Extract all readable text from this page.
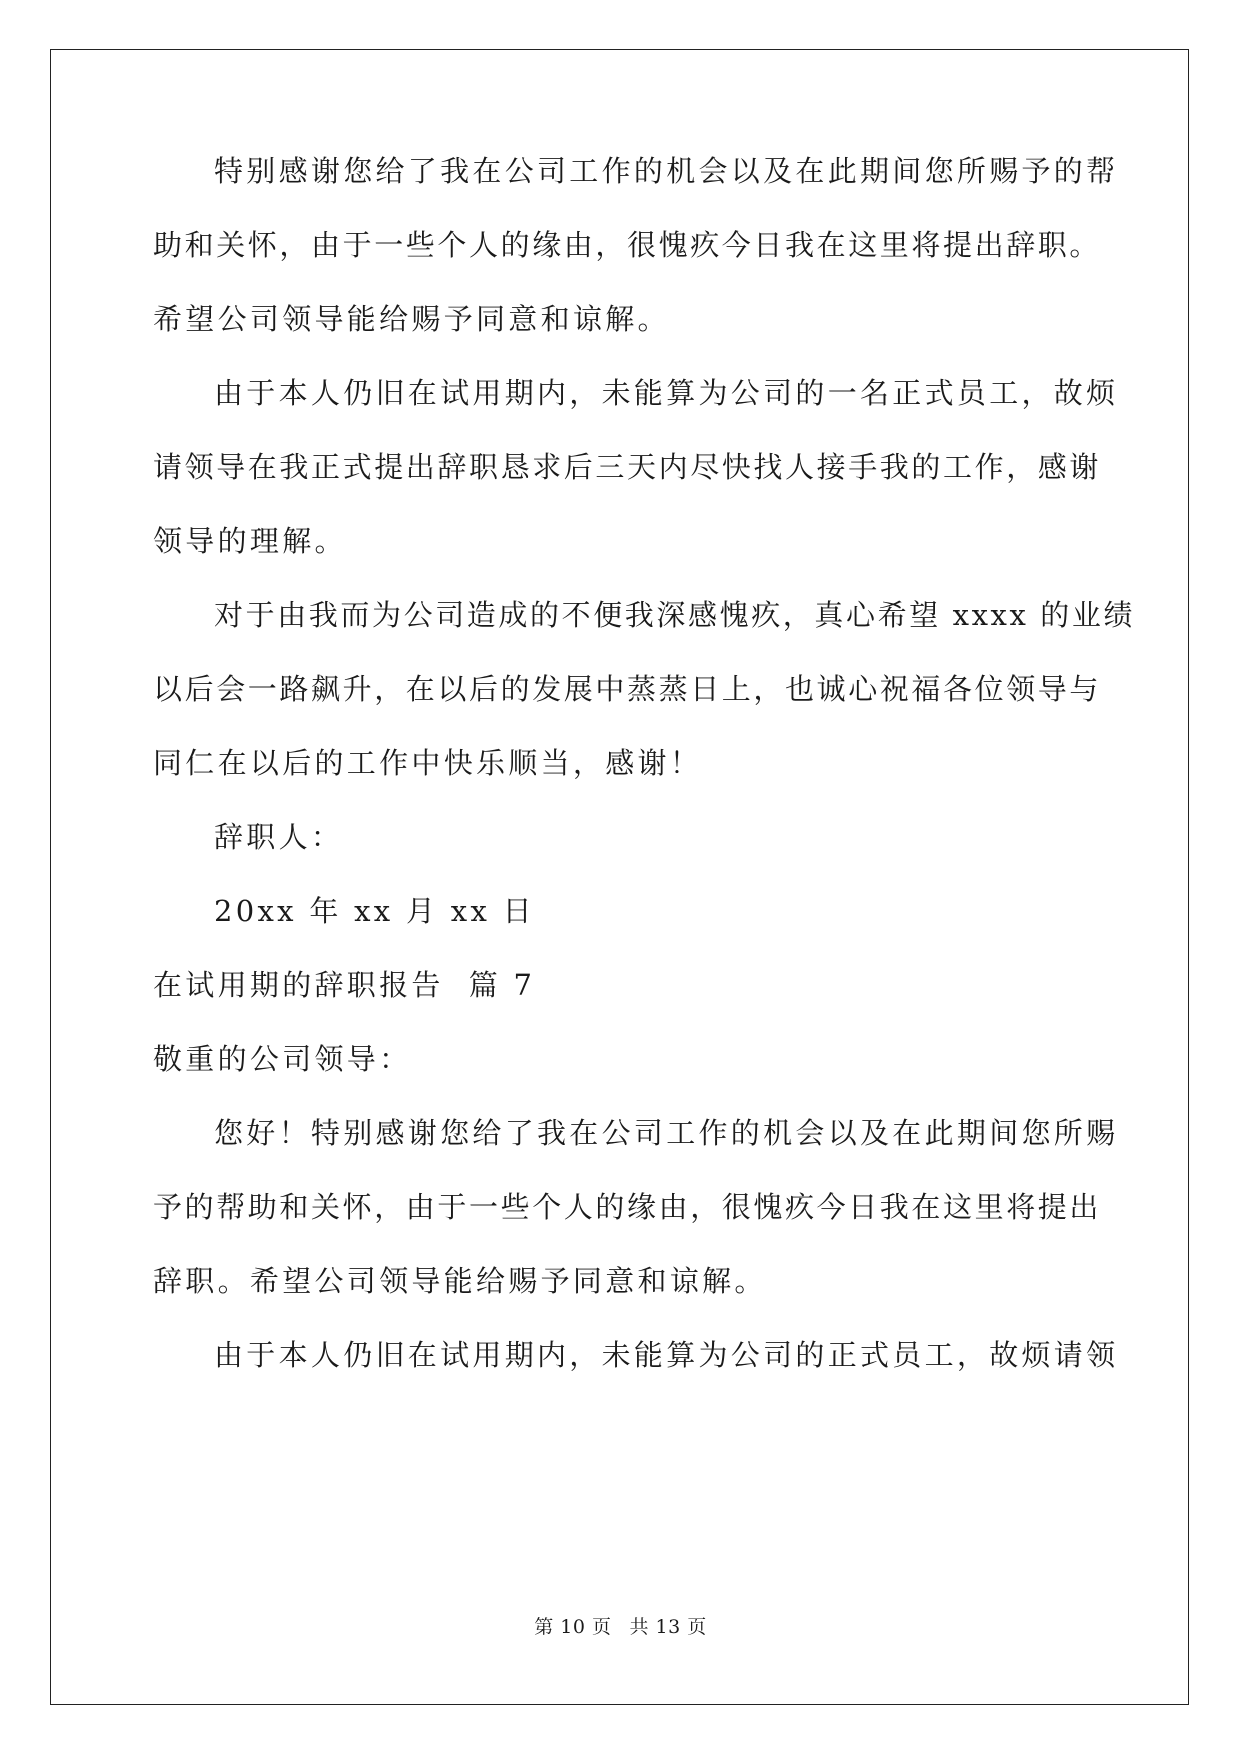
特别感谢您给了我在公司工作的机会以及在此期间您所赐予的帮
助和关怀，由于一些个人的缘由，很愧疚今日我在这里将提出辞职。
希望公司领导能给赐予同意和谅解。
由于本人仍旧在试用期内，未能算为公司的一名正式员工，故烦
请领导在我正式提出辞职恳求后三天内尽快找人接手我的工作，感谢
领导的理解。
对于由我而为公司造成的不便我深感愧疚，真心希望 xxxx 的业绩
以后会一路飙升，在以后的发展中蒸蒸日上，也诚心祝福各位领导与
同仁在以后的工作中快乐顺当，感谢！
辞职人：
20xx 年 xx 月 xx 日
在试用期的辞职报告  篇 7
敬重的公司领导：
您好！特别感谢您给了我在公司工作的机会以及在此期间您所赐
予的帮助和关怀，由于一些个人的缘由，很愧疚今日我在这里将提出
辞职。希望公司领导能给赐予同意和谅解。
由于本人仍旧在试用期内，未能算为公司的正式员工，故烦请领
第 10 页 共 13 页
